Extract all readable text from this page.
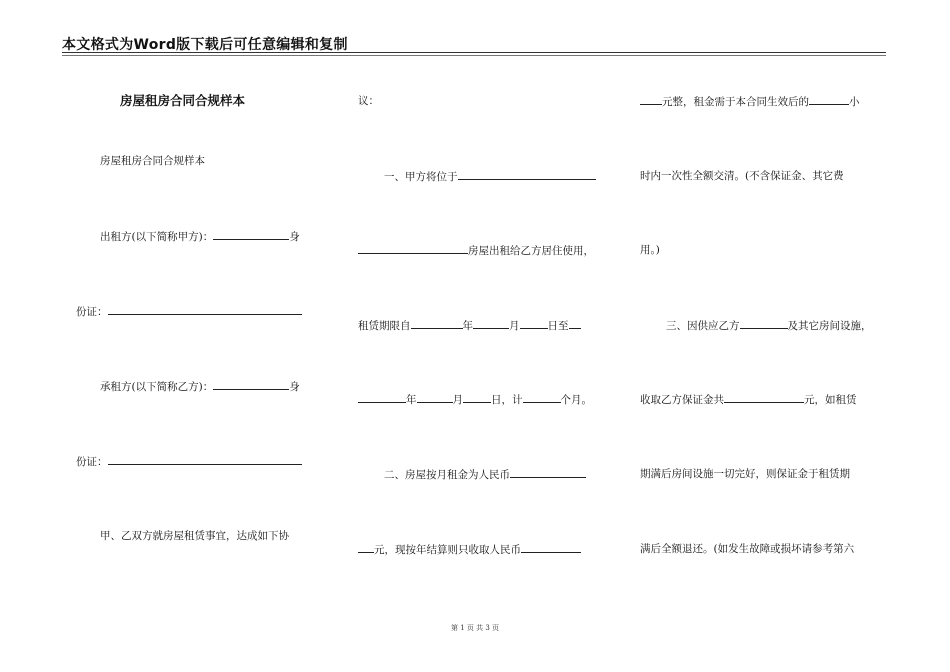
本文格式为Word版下载后可任意编辑和复制
房屋租房合同合规样本
房屋租房合同合规样本
出租方(以下简称甲方)：	身
份证：
承租方(以下简称乙方)：	身
份证：
甲、乙双方就房屋租赁事宜，达成如下协
议：
一、甲方将位于
房屋出租给乙方居住使用，
租赁期限自	年	月	日至
年	月	日，计	个月。
二、房屋按月租金为人民币
元，现按年结算则只收取人民币
元整，租金需于本合同生效后的	小
时内一次性全额交清。(不含保证金、其它费
用。)
三、因供应乙方	及其它房间设施，
收取乙方保证金共	元，如租赁
期满后房间设施一切完好，则保证金于租赁期
满后全额退还。(如发生故障或损坏请参考第六
第 1 页 共 3 页
